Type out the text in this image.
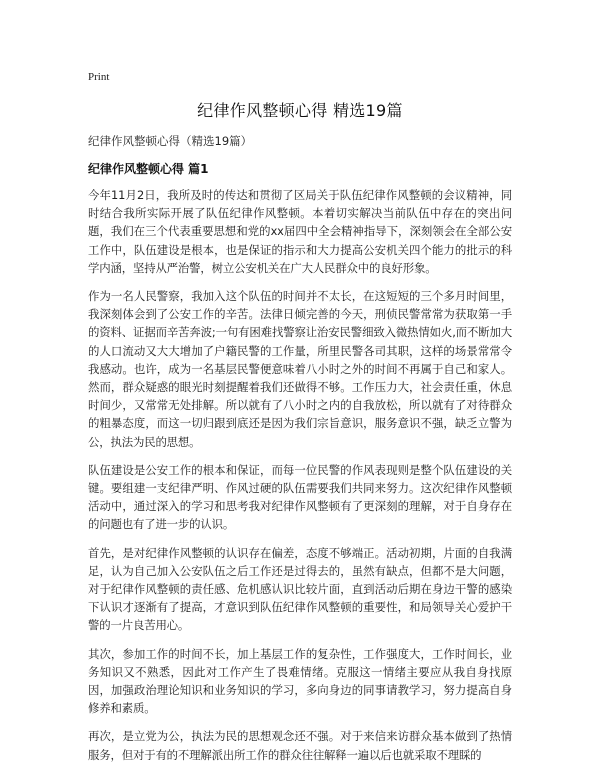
Print
纪律作风整顿心得 精选19篇

纪律作风整顿心得（精选19篇）

纪律作风整顿心得 篇1

今年11月2日，我所及时的传达和贯彻了区局关于队伍纪律作风整顿的会议精神，同时结合我所实际开展了队伍纪律作风整顿。本着切实解决当前队伍中存在的突出问题，我们在三个代表重要思想和党的xx届四中全会精神指导下，深刻领会在全部公安工作中，队伍建设是根本，也是保证的指示和大力提高公安机关四个能力的批示的科学内涵，坚持从严治警，树立公安机关在广大人民群众中的良好形象。

作为一名人民警察，我加入这个队伍的时间并不太长，在这短短的三个多月时间里，我深刻体会到了公安工作的辛苦。法律日倾完善的今天，刑侦民警常常为获取第一手的资料、证据而辛苦奔波;一句有困难找警察让治安民警细致入微热情如火,而不断加大的人口流动又大大增加了户籍民警的工作量，所里民警各司其职，这样的场景常常令我感动。也许，成为一名基层民警便意味着八小时之外的时间不再属于自己和家人。然而，群众疑惑的眼光时刻提醒着我们还做得不够。工作压力大，社会责任重，休息时间少，又常常无处排解。所以就有了八小时之内的自我放松，所以就有了对待群众的粗暴态度，而这一切归跟到底还是因为我们宗旨意识，服务意识不强，缺乏立警为公，执法为民的思想。

队伍建设是公安工作的根本和保证，而每一位民警的作风表现则是整个队伍建设的关键。要组建一支纪律严明、作风过硬的队伍需要我们共同来努力。这次纪律作风整顿活动中，通过深入的学习和思考我对纪律作风整顿有了更深刻的理解，对于自身存在的问题也有了进一步的认识。

首先，是对纪律作风整顿的认识存在偏差，态度不够端正。活动初期，片面的自我满足，认为自己加入公安队伍之后工作还是过得去的，虽然有缺点，但都不是大问题，对于纪律作风整顿的责任感、危机感认识比较片面，直到活动后期在身边干警的感染下认识才逐渐有了提高，才意识到队伍纪律作风整顿的重要性，和局领导关心爱护干警的一片良苦用心。

其次，参加工作的时间不长，加上基层工作的复杂性，工作强度大，工作时间长，业务知识又不熟悉，因此对工作产生了畏难情绪。克服这一情绪主要应从我自身找原因，加强政治理论知识和业务知识的学习，多向身边的同事请教学习，努力提高自身修养和素质。

再次，是立党为公，执法为民的思想观念还不强。对于来信来访群众基本做到了热情服务，但对于有的不理解派出所工作的群众往往解释一遍以后也就采取不理睬的
